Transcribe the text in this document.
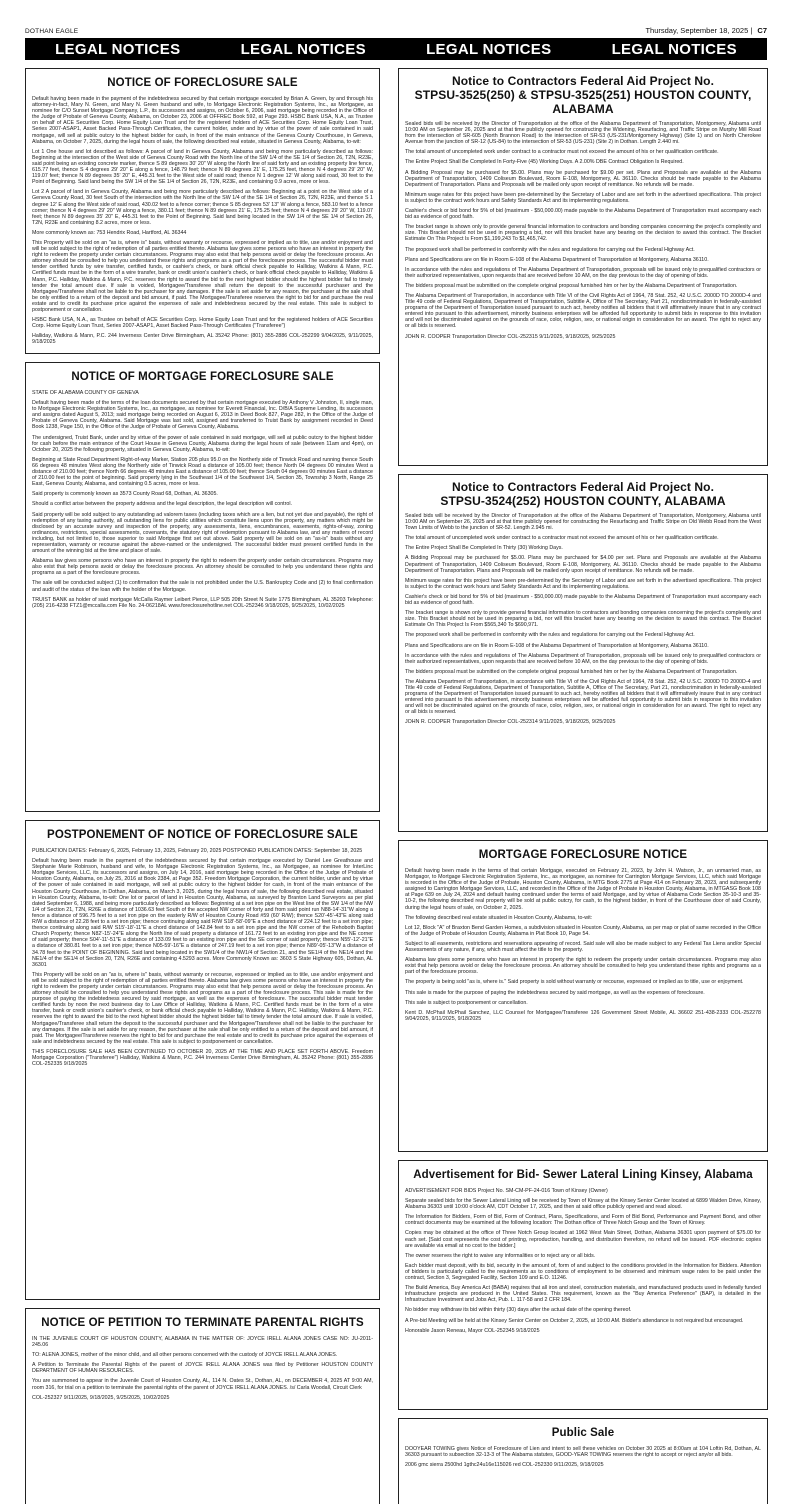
DOTHAN EAGLE	Thursday, September 18, 2025 | C7
LEGAL NOTICES	LEGAL NOTICES	LEGAL NOTICES	LEGAL NOTICES
NOTICE OF FORECLOSURE SALE

Default having been made in the payment of the indebtedness secured by that certain mortgage executed by Brian A. Green, by and through his attorney-in-fact, Mary N. Green, and Mary N. Green husband and wife, to Mortgage Electronic Registration Systems, Inc., as Mortgagee, as nominee for C/O Sunset Mortgage Company, L.P., its successors and assigns, on October 6, 2006, said mortgage being recorded in the Office of the Judge of Probate of Geneva County, Alabama, on October 23, 2006 at OFFREC Book 592, at Page 293. HSBC Bank USA, N.A., as Trustee on behalf of ACE Securities Corp. Home Equity Loan Trust and for the registered holders of ACE Securities Corp. Home Equity Loan Trust, Series 2007-ASAP1, Asset Backed Pass-Through Certificates, the current holder, under and by virtue of the power of sale contained in said mortgage, will sell at public outcry to the highest bidder for cash, in front of the main entrance of the Geneva County Courthouse, in Geneva, Alabama, on October 7, 2025, during the legal hours of sale, the following described real estate, situated in Geneva County, Alabama, to-wit:

Lot 1 One house and lot described as follows: A parcel of land in Geneva County, Alabama and being more particularly described as follows: Beginning at the intersection of the West side of Geneva County Road with the North line of the SW 1/4 of the SE 1/4 of Section 26, T2N, R23E, said point being an existing concrete marker, thence S 89 degrees 30' 20" W along the North line of said forty and an existing property line fence, 615.77 feet, thence S 4 degrees 29' 20" E along a fence, 148.79 feet; thence N 89 degrees 21' E, 175.25 feet, thence N 4 degrees 29' 20" W, 119.07 feet; thence N 89 degrees 35' 20" E, 445.31 feet to the West side of said road; thence N 1 degree 12' W along said road, 30 feet to the Point of Beginning. Said land being the SW 1/4 of the SE 1/4 of Section 26, T2N, R23E, and containing 0.9 acres, more or less.

Lot 2 A parcel of land in Geneva County, Alabama and being more particularly described as follows: Beginning at a point on the West side of a Geneva County Road, 30 feet South of the intersection with the North line of the SW 1/4 of the SE 1/4 of Section 26, T2N, R23E, and thence S 1 degree 12' E along the West side of said road, 430.02 feet to a fence corner; thence S 85 degrees 53' 13" W along a fence, 583.10 feet to a fence corner; thence N 4 degrees 29' 20" W along a fence, 380.11 feet; thence N 89 degrees 21' E, 175.25 feet; thence N 4 degrees 29' 20" W, 119.07 feet; thence N 89 degrees 35' 20" E, 445.31 feet to the Point of Beginning. Said land being located in the SW 1/4 of the SE 1/4 of Section 26, T2N, R23E and containing 8.2 acres, more or less.

More commonly known as: 753 Hendrix Road, Hartford, AL 36344

This Property will be sold on an "as is, where is" basis, without warranty or recourse, expressed or implied as to title, use and/or enjoyment and will be sold subject to the right of redemption of all parties entitled thereto. Alabama law gives some persons who have an interest in property the right to redeem the property under certain circumstances. Programs may also exist that help persons avoid or delay the foreclosure process. An attorney should be consulted to help you understand these rights and programs as a part of the foreclosure process. The successful bidder must tender certified funds by wire transfer, certified funds, or cashier's check, or bank official check payable to Halliday, Watkins & Mann, P.C. Certified funds must be in the form of a wire transfer, bank or credit union's cashier's check, or bank official check payable to Halliday, Watkins & Mann, P.C. Halliday, Watkins & Mann, P.C. reserves the right to award the bid to the next highest bidder should the highest bidder fail to timely tender the total amount due. If sale is voided, Mortgagee/Transferee shall return the deposit to the successful purchaser and the Mortgagee/Transferee shall not be liable to the purchaser for any damages. If the sale is set aside for any reason, the purchaser at the sale shall be only entitled to a return of the deposit and bid amount, if paid. The Mortgagee/Transferee reserves the right to bid for and purchase the real estate and to credit its purchase price against the expenses of sale and indebtedness secured by the real estate. This sale is subject to postponement or cancellation.

HSBC Bank USA, N.A., as Trustee on behalf of ACE Securities Corp. Home Equity Loan Trust and for the registered holders of ACE Securities Corp. Home Equity Loan Trust, Series 2007-ASAP1, Asset Backed Pass-Through Certificates ("Transferee")

Halliday, Watkins & Mann, P.C. 244 Inverness Center Drive Birmingham, AL 35242 Phone: (801) 355-2886 COL-252299 9/04/2025, 9/11/2025, 9/18/2025

NOTICE OF MORTGAGE FORECLOSURE SALE

STATE OF ALABAMA COUNTY OF GENEVA

Default having been made of the terms of the loan documents secured by that certain mortgage executed by Anthony V Johnston, II, single man, to Mortgage Electronic Registration Systems, Inc., as mortgagee, as nominee for Everett Financial, Inc. D/B/A Supreme Lending, its successors and assigns dated August 5, 2013; said mortgage being recorded on August 6, 2013 in Deed Book 827, Page 282, in the Office of the Judge of Probate of Geneva County, Alabama. Said Mortgage was last sold, assigned and transferred to Truist Bank by assignment recorded in Deed Book 1238, Page 150, in the Office of the Judge of Probate of Geneva County, Alabama.

The undersigned, Truist Bank, under and by virtue of the power of sale contained in said mortgage, will sell at public outcry to the highest bidder for cash before the main entrance of the Court House in Geneva County, Alabama during the legal hours of sale (between 11am and 4pm), on October 20, 2025 the following property, situated in Geneva County, Alabama, to-wit:

Beginning at State Road Department Right-of-way Marker, Station 205 plus 95.0 on the Northerly side of Tinwick Road and running thence South 66 degrees 48 minutes West along the Northerly side of Tinwick Road a distance of 105.00 feet; thence North 04 degrees 00 minutes West a distance of 210.00 feet; thence North 66 degrees 48 minutes East a distance of 105.00 feet; thence South 04 degrees 00 minutes East a distance of 210.00 feet to the point of beginning. Said property lying in the Southeast 1/4 of the Southwest 1/4, Section 35, Township 3 North, Range 25 East, Geneva County, Alabama, and containing 0.5 acres, more or less.

Said property is commonly known as 3573 County Road 68, Dothan, AL 36305.

Should a conflict arise between the property address and the legal description, the legal description will control.

Said property will be sold subject to any outstanding ad valorem taxes (including taxes which are a lien, but not yet due and payable), the right of redemption of any taxing authority, all outstanding liens for public utilities which constitute liens upon the property, any matters which might be disclosed by an accurate survey and inspection of the property, any assessments, liens, encumbrances, easements, rights-of-way, zoning ordinances, restrictions, special assessments, covenants, the statutory right of redemption pursuant to Alabama law, and any matters of record including, but not limited to, those superior to said Mortgage first set out above. Said property will be sold on an "as-is" basis without any representation, warranty or recourse against the above-named or the undersigned. The successful bidder must present certified funds in the amount of the winning bid at the time and place of sale.

Alabama law gives some persons who have an interest in property the right to redeem the property under certain circumstances. Programs may also exist that help persons avoid or delay the foreclosure process. An attorney should be consulted to help you understand these rights and programs as a part of the foreclosure process.

The sale will be conducted subject (1) to confirmation that the sale is not prohibited under the U.S. Bankruptcy Code and (2) to final confirmation and audit of the status of the loan with the holder of the Mortgage.

TRUIST BANK as holder of said mortgage McCalla Raymer Leibert Pierce, LLP 505 20th Street N Suite 1775 Birmingham, AL 35203 Telephone: (205) 216-4238 FTZ1@mccalla.com File No. 24-06218AL www.foreclosurehotline.net COL-252346 9/18/2025, 9/25/2025, 10/02/2025

POSTPONEMENT OF NOTICE OF FORECLOSURE SALE

PUBLICATION DATES: February 6, 2025, February 13, 2025, February 20, 2025 POSTPONED PUBLICATION DATES: September 18, 2025

Default having been made in the payment of the indebtedness secured by that certain mortgage executed by Daniel Lee Greathouse and Stephanie Marie Robinson, husband and wife, to Mortgage Electronic Registration Systems, Inc., as Mortgagee, as nominee for InterLinc Mortgage Services, LLC, its successors and assigns, on July 14, 2016, said mortgage being recorded in the Office of the Judge of Probate of Houston County, Alabama, on July 25, 2016 at Book 2384, at Page 352. Freedom Mortgage Corporation, the current holder, under and by virtue of the power of sale contained in said mortgage, will sell at public outcry to the highest bidder for cash, in front of the main entrance of the Houston County Courthouse, in Dothan, Alabama, on March 3, 2025, during the legal hours of sale, the following described real estate, situated in Houston County, Alabama, to-wit: One lot or parcel of land in Houston County, Alabama, as surveyed by Branton Land Surveyors as per plat dated September 6, 1988, and being more particularly described as follows: Beginning at a set iron pipe on the West line of the SW 1/4 of the NW 1/4 of Section 21, T2N, R26E a distance of 1036.63 feet South of the accepted NW corner of forty and from said point run N88-14'-31"W along a fence a distance of 596.75 feet to a set iron pipe on the easterly R/W of Houston County Road #59 (60' R/W); thence S20'-45'-43"E along said R/W a distance of 22.28 feet to a set iron pipe; thence continuing along said R/W S18'-58'-09"E a chord distance of 224.12 feet to a set iron pipe; thence continuing along said R/W S15'-18'-11"E a chord distance of 142.84 feet to a set iron pipe and the NW corner of the Rehoboth Baptist Church Property; thence N82'-15'-24"E along the North line of said property a distance of 161.72 feet to an existing iron pipe and the NE corner of said property; thence S04'-11'-51"E a distance of 133.09 feet to an existing iron pipe and the SE corner of said property; thence N55'-12'-21"E a distance of 380.81 feet to a set iron pipe; thence N05-59'-16"E a distance of 247.19 feet to a set iron pipe; thence N89'-05'-13"W a distance of 34.78 feet to the POINT OF BEGINNING. Said land being located in the SW1/4 of the NW1/4 of Section 21, and the SE1/4 of the NE1/4 and the NE1/4 of the SE1/4 of Section 20, T2N, R26E and containing 4.5293 acres. More Commonly Known as: 3603 S State Highway 605, Dothan, AL 36301

This Property will be sold on an "as is, where is" basis, without warranty or recourse, expressed or implied as to title, use and/or enjoyment and will be sold subject to the right of redemption of all parties entitled thereto. Alabama law gives some persons who have an interest in property the right to redeem the property under certain circumstances. Programs may also exist that help persons avoid or delay the foreclosure process. An attorney should be consulted to help you understand these rights and programs as a part of the foreclosure process. This sale is made for the purpose of paying the indebtedness secured by said mortgage, as well as the expenses of foreclosure. The successful bidder must tender certified funds by noon the next business day to Law Office of Halliday, Watkins & Mann, P.C. Certified funds must be in the form of a wire transfer, bank or credit union's cashier's check, or bank official check payable to Halliday, Watkins & Mann, P.C. Halliday, Watkins & Mann, P.C. reserves the right to award the bid to the next highest bidder should the highest bidder fail to timely tender the total amount due. If sale is voided, Mortgagee/Transferee shall return the deposit to the successful purchaser and the Mortgagee/Transferee shall not be liable to the purchaser for any damages. If the sale is set aside for any reason, the purchaser at the sale shall be only entitled to a return of the deposit and bid amount, if paid. The Mortgagee/Transferee reserves the right to bid for and purchase the real estate and to credit its purchase price against the expenses of sale and indebtedness secured by the real estate. This sale is subject to postponement or cancellation.

THIS FORECLOSURE SALE HAS BEEN CONTINUED TO OCTOBER 20, 2025 AT THE TIME AND PLACE SET FORTH ABOVE. Freedom Mortgage Corporation ("Transferee") Halliday, Watkins & Mann, P.C. 244 Inverness Center Drive Birmingham, AL 35242 Phone: (801) 355-2886 COL-252335 9/18/2025

NOTICE OF PETITION TO TERMINATE PARENTAL RIGHTS

IN THE JUVENILE COURT OF HOUSTON COUNTY, ALABAMA IN THE MATTER OF: JOYCE IRELL ALANA JONES CASE NO: JU-2011-245.06

TO: ALENA JONES, mother of the minor child, and all other persons concerned with the custody of JOYCE IRELL ALANA JONES.

A Petition to Terminate the Parental Rights of the parent of JOYCE IRELL ALANA JONES was filed by Petitioner HOUSTON COUNTY DEPARTMENT OF HUMAN RESOURCES.

You are summoned to appear in the Juvenile Court of Houston County, AL, 114 N. Oates St., Dothan, AL, on DECEMBER 4, 2025 AT 9:00 AM, room 316, for trial on a petition to terminate the parental rights of the parent of JOYCE IRELL ALANA JONES. /s/ Carla Woodall, Circuit Clerk

COL-252327 9/11/2025, 9/18/2025, 9/25/2025, 10/02/2025

Notice to Contractors Federal Aid Project No.
STPSU-3525(250) & STPSU-3525(251) HOUSTON COUNTY,
ALABAMA

Sealed bids will be received by the Director of Transportation at the office of the Alabama Department of Transportation, Montgomery, Alabama until 10:00 AM on September 26, 2025 and at that time publicly opened for constructing the Widening, Resurfacing, and Traffic Stripe on Murphy Mill Road from the intersection of SR-605 (North Brannon Road) to the intersection of SR-53 (US-231/Montgomery Highway) (Site 1) and on North Cherokee Avenue from the junction of SR-12 (US-84) to the intersection of SR-53 (US-231) (Site 2) in Dothan. Length 2.440 mi.

The total amount of uncompleted work under contract to a contractor must not exceed the amount of his or her qualification certificate.

The Entire Project Shall Be Completed In Forty-Five (45) Working Days. A 2.00% DBE Contract Obligation Is Required.

A Bidding Proposal may be purchased for $5.00. Plans may be purchased for $9.00 per set. Plans and Proposals are available at the Alabama Department of Transportation, 1409 Coliseum Boulevard, Room E-108, Montgomery, AL 36110. Checks should be made payable to the Alabama Department of Transportation. Plans and Proposals will be mailed only upon receipt of remittance. No refunds will be made.

Minimum wage rates for this project have been pre-determined by the Secretary of Labor and are set forth in the advertised specifications. This project is subject to the contract work hours and Safety Standards Act and its implementing regulations.

Cashier's check or bid bond for 5% of bid (maximum - $50,000.00) made payable to the Alabama Department of Transportation must accompany each bid as evidence of good faith.

The bracket range is shown only to provide general financial information to contractors and bonding companies concerning the project's complexity and size. This Bracket should not be used in preparing a bid, nor will this bracket have any bearing on the decision to award this contract. The Bracket Estimate On This Project Is From $1,199,243 To $1,465,742.

The proposed work shall be performed in conformity with the rules and regulations for carrying out the Federal Highway Act.

Plans and Specifications are on file in Room E-108 of the Alabama Department of Transportation at Montgomery, Alabama 36110.

In accordance with the rules and regulations of The Alabama Department of Transportation, proposals will be issued only to prequalified contractors or their authorized representatives, upon requests that are received before 10 AM, on the day previous to the day of opening of bids.

The bidders proposal must be submitted on the complete original proposal furnished him or her by the Alabama Department of Transportation.

The Alabama Department of Transportation, in accordance with Title VI of the Civil Rights Act of 1964, 78 Stat. 252, 42 U.S.C. 2000D TO 2000D-4 and Title 49 code of Federal Regulations, Department of Transportation, Subtitle A, Office of The Secretary, Part 21, nondiscrimination in federally-assisted programs of the Department of Transportation issued pursuant to such act, hereby notifies all bidders that it will affirmatively insure that in any contract entered into pursuant to this advertisement, minority business enterprises will be afforded full opportunity to submit bids in response to this invitation and will not be discriminated against on the grounds of race, color, religion, sex, or national origin in consideration for an award. The right to reject any or all bids is reserved.

JOHN R. COOPER Transportation Director COL-252315 9/11/2025, 9/18/2025, 9/25/2025

Notice to Contractors Federal Aid Project No.
STPSU-3524(252) HOUSTON COUNTY, ALABAMA

Sealed bids will be received by the Director of Transportation at the office of the Alabama Department of Transportation, Montgomery, Alabama until 10:00 AM on September 26, 2025 and at that time publicly opened for constructing the Resurfacing and Traffic Stripe on Old Webb Road from the West Town Limits of Webb to the junction of SR-52. Length 2.945 mi.

The total amount of uncompleted work under contract to a contractor must not exceed the amount of his or her qualification certificate.

The Entire Project Shall Be Completed In Thirty (30) Working Days.

A Bidding Proposal may be purchased for $5.00. Plans may be purchased for $4.00 per set. Plans and Proposals are available at the Alabama Department of Transportation, 1409 Coliseum Boulevard, Room E-108, Montgomery, AL 36110. Checks should be made payable to the Alabama Department of Transportation. Plans and Proposals will be mailed only upon receipt of remittance. No refunds will be made.

Minimum wage rates for this project have been pre-determined by the Secretary of Labor and are set forth in the advertised specifications. This project is subject to the contract work hours and Safety Standards Act and its implementing regulations.

Cashier's check or bid bond for 5% of bid (maximum - $50,000.00) made payable to the Alabama Department of Transportation must accompany each bid as evidence of good faith.

The bracket range is shown only to provide general financial information to contractors and bonding companies concerning the project's complexity and size. This Bracket should not be used in preparing a bid, nor will this bracket have any bearing on the decision to award this contract. The Bracket Estimate On This Project Is From $565,340 To $690,971.

The proposed work shall be performed in conformity with the rules and regulations for carrying out the Federal Highway Act.

Plans and Specifications are on file in Room E-108 of the Alabama Department of Transportation at Montgomery, Alabama 36110.

In accordance with the rules and regulations of The Alabama Department of Transportation, proposals will be issued only to prequalified contractors or their authorized representatives, upon requests that are received before 10 AM, on the day previous to the day of opening of bids.

The bidders proposal must be submitted on the complete original proposal furnished him or her by the Alabama Department of Transportation.

The Alabama Department of Transportation, in accordance with Title VI of the Civil Rights Act of 1964, 78 Stat. 252, 42 U.S.C. 2000D TO 2000D-4 and Title 49 code of Federal Regulations, Department of Transportation, Subtitle A, Office of The Secretary, Part 21, nondiscrimination in federally-assisted programs of the Department of Transportation issued pursuant to such act, hereby notifies all bidders that it will affirmatively insure that in any contract entered into pursuant to this advertisement, minority business enterprises will be afforded full opportunity to submit bids in response to this invitation and will not be discriminated against on the grounds of race, color, religion, sex, or national origin in consideration for an award. The right to reject any or all bids is reserved.

JOHN R. COOPER Transportation Director COL-252314 9/11/2025, 9/18/2025, 9/25/2025

MORTGAGE FORECLOSURE NOTICE

Default having been made in the terms of that certain Mortgage, executed on February 21, 2023, by John H. Watson, Jr., an unmarried man, as Mortgagor, to Mortgage Electronic Registration Systems, Inc., as mortgagee, as nominee for Carrington Mortgage Services, LLC, which said Mortgage is recorded in the Office of the Judge of Probate, Houston County, Alabama, in MTG Book 2775 at Page 414 on February 28, 2023, and subsequently assigned to Carrington Mortgage Services, LLC, and recorded in the Office of the Judge of Probate in Houston County, Alabama, in MTGASG Book 108 at Page 639 on July 24, 2024 and default having continued under the terms of said Mortgage, and by virtue of Alabama Code Section 35-10-3 and 35-10-2, the following described real property will be sold at public outcry, for cash, to the highest bidder, in front of the Courthouse door of said County, during the legal hours of sale, on October 2, 2025.

The following described real estate situated in Houston County, Alabama, to-wit:

Lot 12, Block "A" of Braxton Bend Garden Homes, a subdivision situated in Houston County, Alabama, as per map or plat of same recorded in the Office of the Judge of Probate of Houston County, Alabama in Plat Book 10, Page 54.

Subject to all easements, restrictions and reservations appearing of record. Said sale will also be made subject to any Federal Tax Liens and/or Special Assessments of any nature, if any, which must affect the title to the property.

Alabama law gives some persons who have an interest in property the right to redeem the property under certain circumstances. Programs may also exist that help persons avoid or delay the foreclosure process. An attorney should be consulted to help you understand these rights and programs as a part of the foreclosure process.

The property is being sold "as is, where is." Said property is sold without warranty or recourse, expressed or implied as to title, use or enjoyment.

This sale is made for the purpose of paying the indebtedness secured by said mortgage, as well as the expenses of foreclosure.

This sale is subject to postponement or cancellation.

Kent D. McPhail McPhail Sanchez, LLC Counsel for Mortgagee/Transferee 126 Government Street Mobile, AL 36602 251-438-2333 COL-252278 9/04/2025, 9/11/2025, 9/18/2025

Advertisement for Bid- Sewer Lateral Lining Kinsey, Alabama

ADVERTISEMENT FOR BIDS Project No. SM-CM-PF-24-016 Town of Kinsey (Owner)

Separate sealed bids for the Sewer Lateral Lining will be received by Town of Kinsey at the Kinsey Senior Center located at 6899 Walden Drive, Kinsey, Alabama 36303 until 10:00 o'clock AM, CDT October 17, 2025, and then at said office publicly opened and read aloud.

The Information for Bidders, Form of Bid, Form of Contract, Plans, Specifications, and Form of Bid Bond, Performance and Payment Bond, and other contract documents may be examined at the following location: The Dothan office of Three Notch Group and the Town of Kinsey.

Copies may be obtained at the office of Three Notch Group located at 1962 West Main Street, Dothan, Alabama 36301 upon payment of $75.00 for each set. [Said cost represents the cost of printing, reproduction, handling, and distribution therefore, no refund will be issued. PDF electronic copies are available via email at no cost to the bidder.]

The owner reserves the right to waive any informalities or to reject any or all bids.

Each bidder must deposit, with its bid, security in the amount of, form of and subject to the conditions provided in the Information for Bidders. Attention of bidders is particularly called to the requirements as to conditions of employment to be observed and minimum wage rates to be paid under the contract, Section 3, Segregated Facility, Section 109 and E.O. 11246.

The Build America, Buy America Act (BABA) requires that all iron and steel, construction materials, and manufactured products used in federally funded infrastructure projects are produced in the United States. This requirement, known as the "Buy America Preference" (BAP), is detailed in the Infrastructure Investment and Jobs Act, Pub. L. 117-58 and 2 CFR 184.

No bidder may withdraw its bid within thirty (30) days after the actual date of the opening thereof.

A Pre-bid Meeting will be held at the Kinsey Senior Center on October 2, 2025, at 10:00 AM. Bidder's attendance is not required but encouraged.

Honorable Jason Reneau, Mayor COL-252345 9/18/2025

Public Sale

DOOYEAR TOWING gives Notice of Foreclosure of Lien and intent to sell these vehicles on October 30 2025 at 8:00am at 104 Loftin Rd, Dothan, AL 36303 pursuant to subsection 32-13-3 of The Alabama statutes, GOOD-YEAR TOWING reserves the right to accept or reject any/or all bids.

2006 gmc sierra 2500hd 1gthc24u16e115026 red COL-252330 9/11/2025, 9/18/2025
